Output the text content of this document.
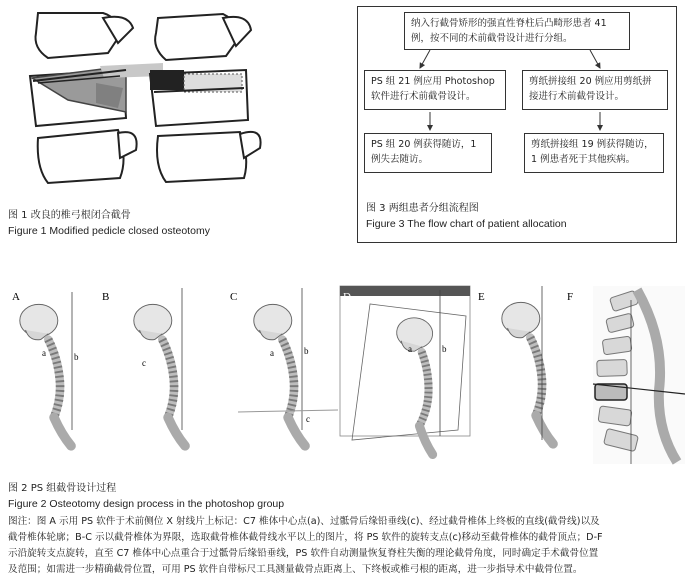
图 1 改良的椎弓根闭合截骨
Figure 1 Modified pedicle closed osteotomy
纳入行截骨矫形的强直性脊柱后凸畸形患者 41 例，按不同的术前截骨设计进行分组。
PS 组 21 例应用 Photoshop 软件进行术前截骨设计。
剪纸拼接组 20 例应用剪纸拼接进行术前截骨设计。
PS 组 20 例获得随访，1 例失去随访。
剪纸拼接组 19 例获得随访，1 例患者死于其他疾病。
图 3 两组患者分组流程图
Figure 3 The flow chart of patient allocation
A
a	b
B
c
C
a	b
c
D
a	b
E	F
图 2 PS 组截骨设计过程
Figure 2 Osteotomy design process in the photoshop group
图注：图 A 示用 PS 软件于术前侧位 X 射线片上标记：C7 椎体中心点(a)、过骶骨后缘铅垂线(c)、经过截骨椎体上终板的直线(截骨线)以及
截骨椎体轮廓；B-C 示以截骨椎体为界限，选取截骨椎体截骨线水平以上的图片，将 PS 软件的旋转支点(c)移动至截骨椎体的截骨顶点；D-F
示沿旋转支点旋转，直至 C7 椎体中心点重合于过骶骨后缘铅垂线，PS 软件自动测量恢复脊柱失衡的理论截骨角度，同时确定手术截骨位置
及范围；如需进一步精确截骨位置，可用 PS 软件自带标尺工具测量截骨点距离上、下终板或椎弓根的距离，进一步指导术中截骨位置。
